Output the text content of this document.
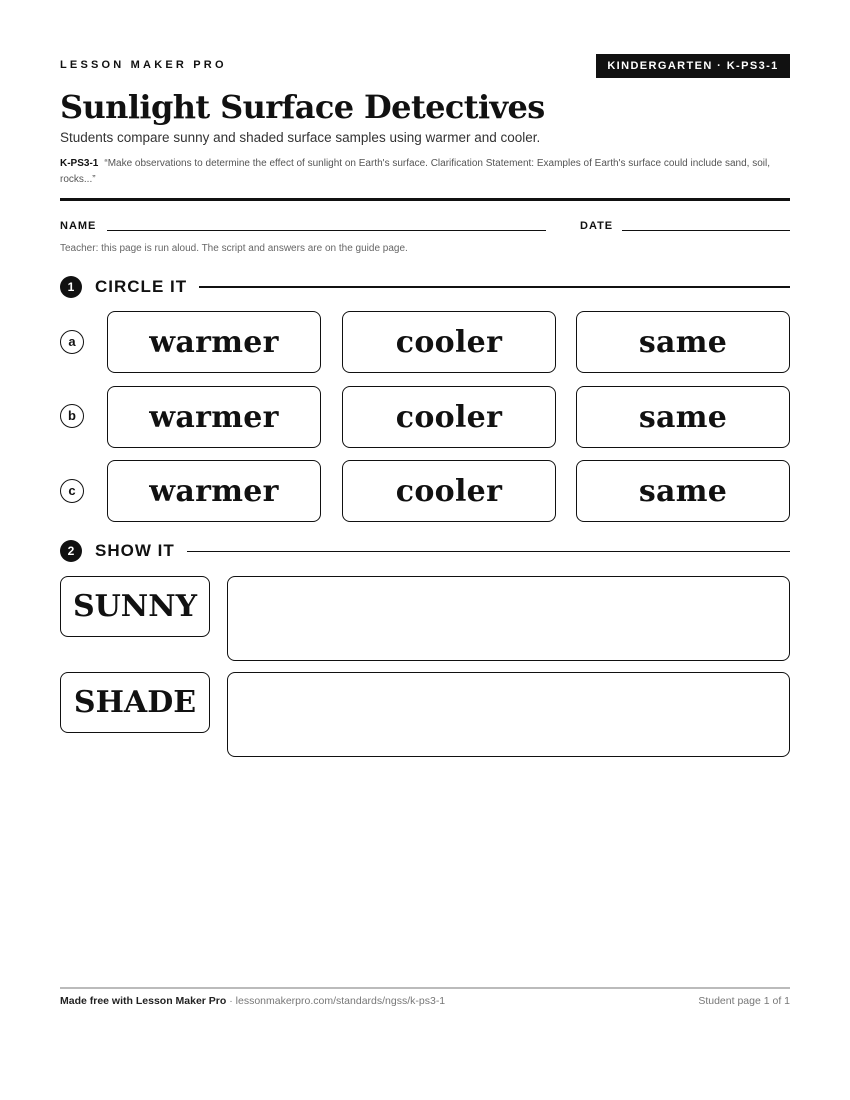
LESSON MAKER PRO	KINDERGARTEN · K-PS3-1
Sunlight Surface Detectives
Students compare sunny and shaded surface samples using warmer and cooler.
K-PS3-1 “Make observations to determine the effect of sunlight on Earth's surface. Clarification Statement: Examples of Earth's surface could include sand, soil, rocks...”
NAME	DATE
Teacher: this page is run aloud. The script and answers are on the guide page.
1	CIRCLE IT
a	warmer	cooler	same
b	warmer	cooler	same
c	warmer	cooler	same
2	SHOW IT
SUNNY
SHADE
Made free with Lesson Maker Pro · lessonmakerpro.com/standards/ngss/k-ps3-1	Student page 1 of 1
